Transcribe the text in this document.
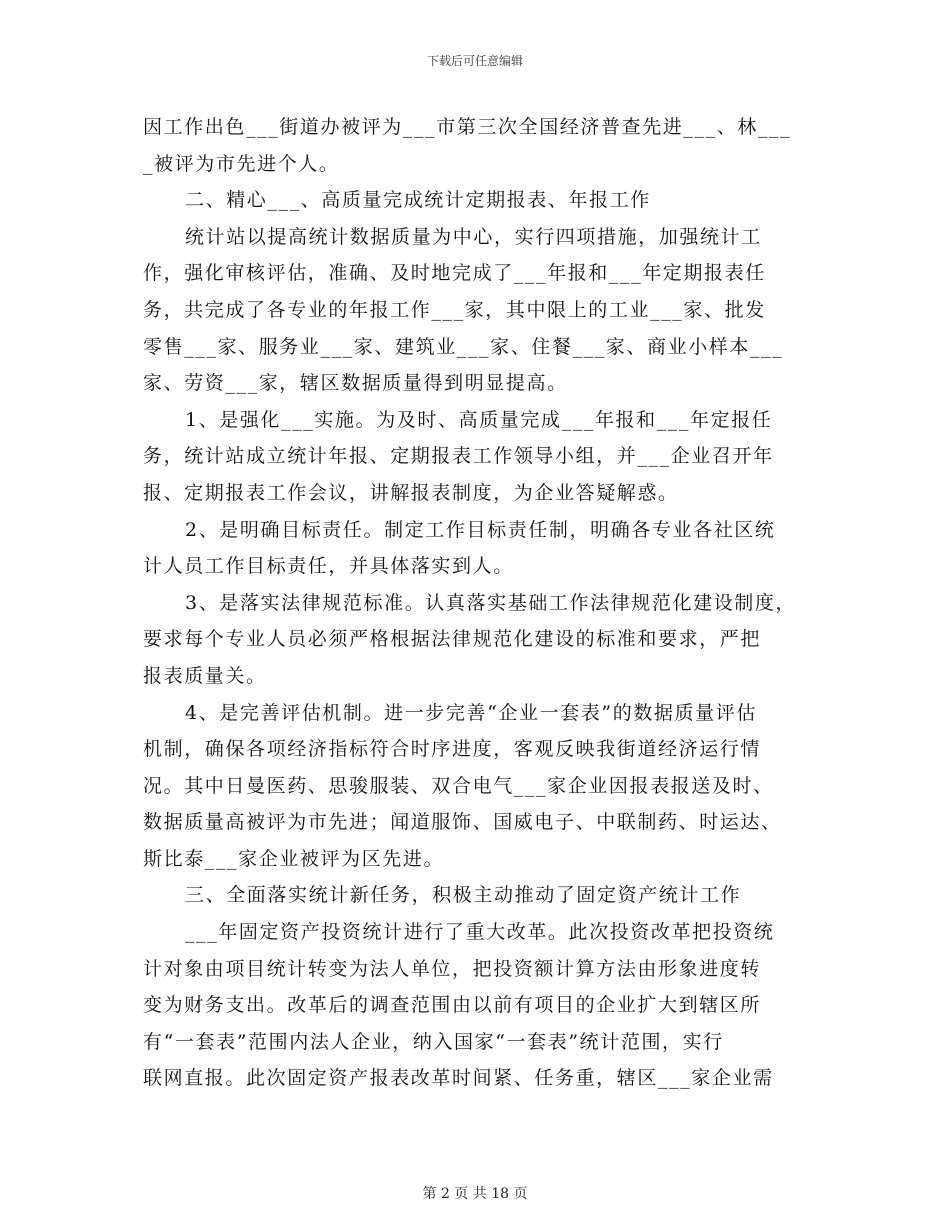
下载后可任意编辑
因工作出色___街道办被评为___市第三次全国经济普查先进___、林___
_被评为市先进个人。
二、精心___、高质量完成统计定期报表、年报工作
统计站以提高统计数据质量为中心，实行四项措施，加强统计工
作，强化审核评估，准确、及时地完成了___年报和___年定期报表任
务，共完成了各专业的年报工作___家，其中限上的工业___家、批发
零售___家、服务业___家、建筑业___家、住餐___家、商业小样本___
家、劳资___家，辖区数据质量得到明显提高。
1、是强化___实施。为及时、高质量完成___年报和___年定报任
务，统计站成立统计年报、定期报表工作领导小组，并___企业召开年
报、定期报表工作会议，讲解报表制度，为企业答疑解惑。
2、是明确目标责任。制定工作目标责任制，明确各专业各社区统
计人员工作目标责任，并具体落实到人。
3、是落实法律规范标准。认真落实基础工作法律规范化建设制度，
要求每个专业人员必须严格根据法律规范化建设的标准和要求，严把
报表质量关。
4、是完善评估机制。进一步完善“企业一套表”的数据质量评估
机制，确保各项经济指标符合时序进度，客观反映我街道经济运行情
况。其中日曼医药、思骏服装、双合电气___家企业因报表报送及时、
数据质量高被评为市先进；闻道服饰、国威电子、中联制药、时运达、
斯比泰___家企业被评为区先进。
三、全面落实统计新任务，积极主动推动了固定资产统计工作
___年固定资产投资统计进行了重大改革。此次投资改革把投资统
计对象由项目统计转变为法人单位，把投资额计算方法由形象进度转
变为财务支出。改革后的调查范围由以前有项目的企业扩大到辖区所
有“一套表”范围内法人企业，纳入国家“一套表”统计范围，实行
联网直报。此次固定资产报表改革时间紧、任务重，辖区___家企业需
第 2 页 共 18 页
